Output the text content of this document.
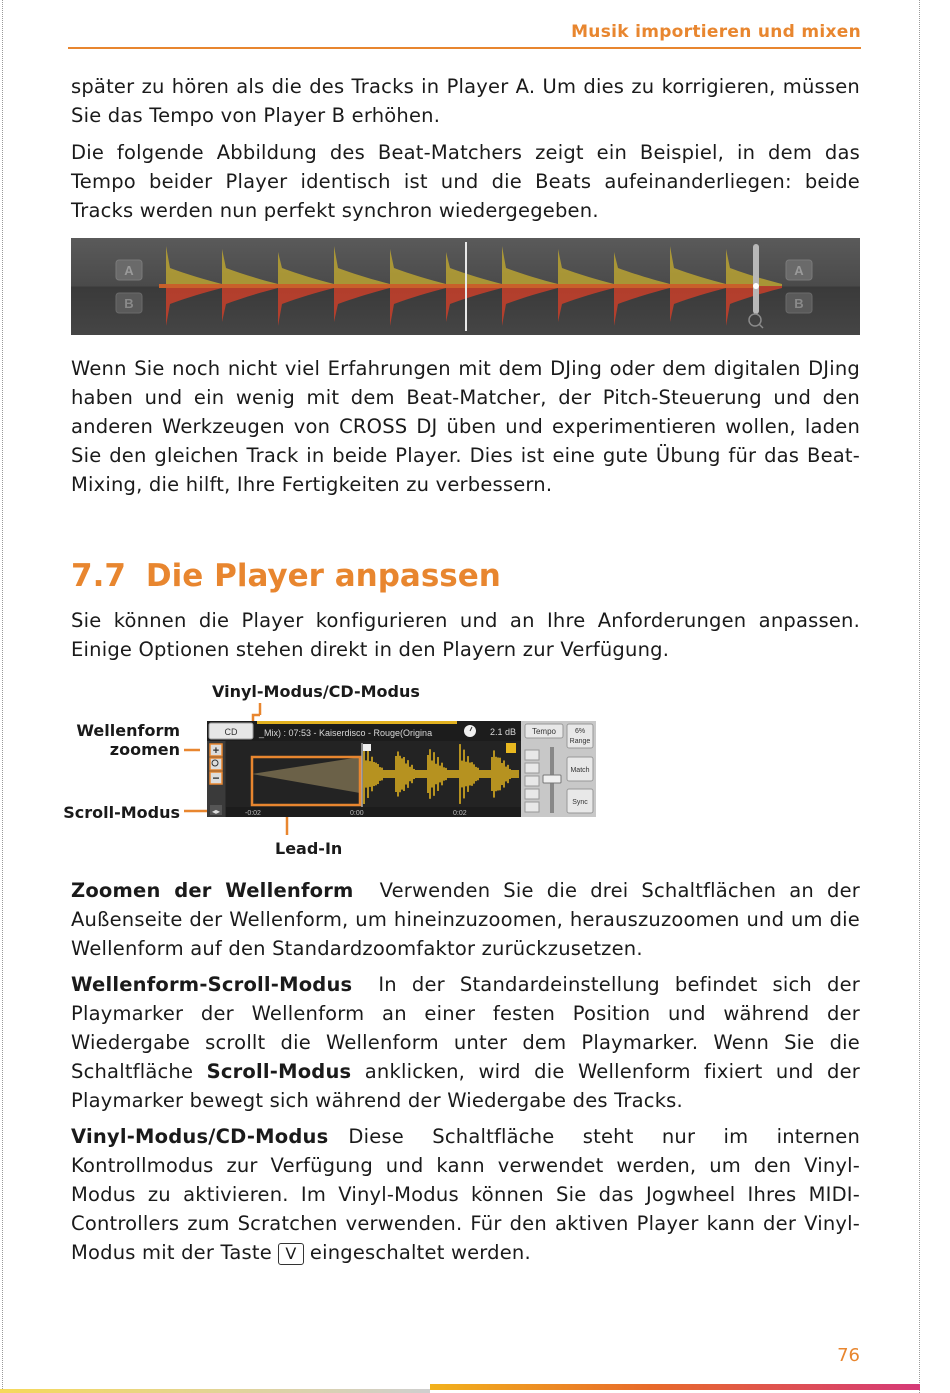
Musik importieren und mixen

später zu hören als die des Tracks in Player A. Um dies zu korrigieren, müssen Sie das Tempo von Player B erhöhen.

Die folgende Abbildung des Beat-Matchers zeigt ein Beispiel, in dem das Tempo beider Player identisch ist und die Beats aufeinanderliegen: beide Tracks werden nun perfekt synchron wiedergegeben.

A
B
A
B

Wenn Sie noch nicht viel Erfahrungen mit dem DJing oder dem digitalen DJing haben und ein wenig mit dem Beat-Matcher, der Pitch-Steuerung und den anderen Werkzeugen von CROSS DJ üben und experimentieren wollen, laden Sie den gleichen Track in beide Player. Dies ist eine gute Übung für das Beat-Mixing, die hilft, Ihre Fertigkeiten zu verbessern.

7.7 Die Player anpassen

Sie können die Player konfigurieren und an Ihre Anforderungen anpassen. Einige Optionen stehen direkt in den Playern zur Verfügung.

Vinyl-Modus/CD-Modus
Wellenform
zoomen
Scroll-Modus
Lead-In
CD _Mix) : 07:53 - Kaiserdisco - Rouge(Origina	2.1 dB
+
−
◂▸	-0:02	0:00	0:02
Tempo	6%
Range
Match
Sync

Zoomen der Wellenform Verwenden Sie die drei Schaltflächen an der Außenseite der Wellenform, um hineinzuzoomen, herauszuzoomen und um die Wellenform auf den Standardzoomfaktor zurückzusetzen.

Wellenform-Scroll-Modus In der Standardeinstellung befindet sich der Playmarker der Wellenform an einer festen Position und während der Wiedergabe scrollt die Wellenform unter dem Playmarker. Wenn Sie die Schaltfläche Scroll-Modus anklicken, wird die Wellenform fixiert und der Playmarker bewegt sich während der Wiedergabe des Tracks.

Vinyl-Modus/CD-Modus Diese Schaltfläche steht nur im internen Kontrollmodus zur Verfügung und kann verwendet werden, um den Vinyl-Modus zu aktivieren. Im Vinyl-Modus können Sie das Jogwheel Ihres MIDI-Controllers zum Scratchen verwenden. Für den aktiven Player kann der Vinyl-Modus mit der Taste V eingeschaltet werden.

76
